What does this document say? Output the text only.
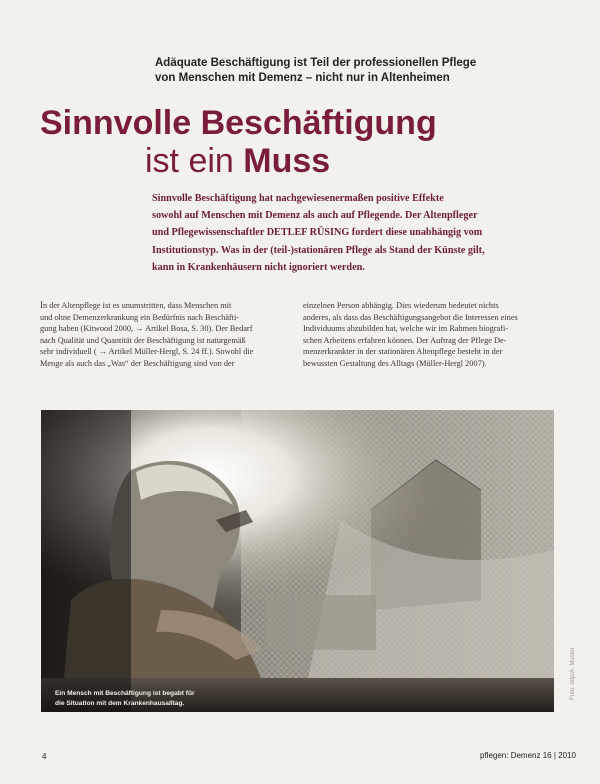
Adäquate Beschäftigung ist Teil der professionellen Pflege
von Menschen mit Demenz – nicht nur in Altenheimen
Sinnvolle Beschäftigung
ist ein Muss
Sinnvolle Beschäftigung hat nachgewiesenermaßen positive Effekte
sowohl auf Menschen mit Demenz als auch auf Pflegende. Der Altenpfleger
und Pflegewissenschaftler DETLEF RÜSING fordert diese unabhängig vom
Institutionstyp. Was in der (teil-)stationären Pflege als Stand der Künste gilt,
kann in Krankenhäusern nicht ignoriert werden.
In der Altenpflege ist es unumstritten, dass Menschen mit
und ohne Demenzerkrankung ein Bedürfnis nach Beschäfti-
gung haben (Kitwood 2000, → Artikel Bosa, S. 30). Der Bedarf
nach Qualität und Quantität der Beschäftigung ist naturgemäß
sehr individuell ( → Artikel Müller-Hergl, S. 24 ff.). Sowohl die
Menge als auch das „Was“ der Beschäftigung sind von der
einzelnen Person abhängig. Dies wiederum bedeutet nichts
anderes, als dass das Beschäftigungsangebot die Interessen eines
Individuums abzubilden hat, welche wir im Rahmen biografi-
schen Arbeitens erfahren können. Der Auftrag der Pflege De-
menzerkrankter in der stationären Altenpflege besteht in der
bewussten Gestaltung des Alltags (Müller-Hergl 2007).
Ein Mensch mit Beschäftigung ist begabt für
die Situation mit dem Krankenhausalltag.
Foto: ddp/A. Muster
4	pflegen: Demenz 16 | 2010
